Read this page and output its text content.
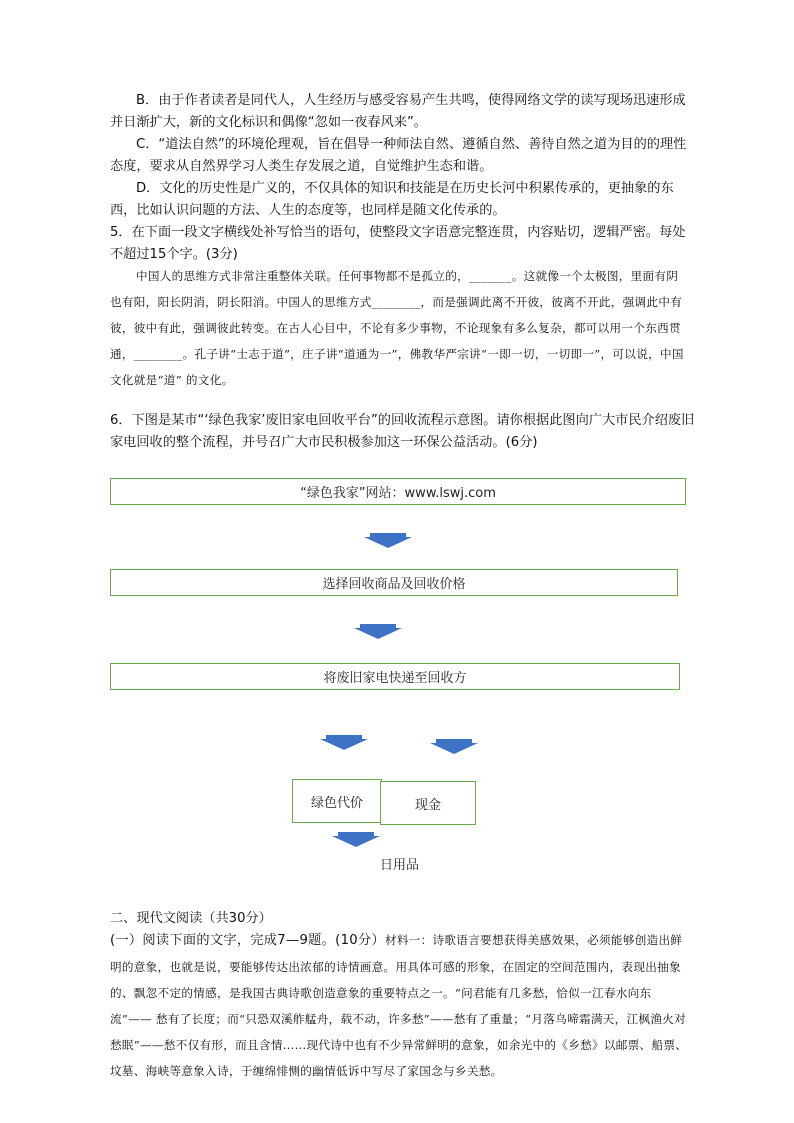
B．由于作者读者是同代人，人生经历与感受容易产生共鸣，使得网络文学的读写现场迅速形成并日渐扩大，新的文化标识和偶像“忽如一夜春风来”。

C．“道法自然”的环境伦理观，旨在倡导一种师法自然、遵循自然、善待自然之道为目的的理性态度，要求从自然界学习人类生存发展之道，自觉维护生态和谐。

D．文化的历史性是广义的，不仅具体的知识和技能是在历史长河中积累传承的，更抽象的东西，比如认识问题的方法、人生的态度等，也同样是随文化传承的。

5．在下面一段文字横线处补写恰当的语句，使整段文字语意完整连贯，内容贴切，逻辑严密。每处不超过15个字。(3分)

中国人的思维方式非常注重整体关联。任何事物都不是孤立的，_______。这就像一个太极图，里面有阴也有阳，阳长阴消，阴长阳消。中国人的思维方式________，而是强调此离不开彼，彼离不开此，强调此中有彼，彼中有此，强调彼此转变。在古人心目中，不论有多少事物，不论现象有多么复杂，都可以用一个东西贯通，________。孔子讲“士志于道”，庄子讲“道通为一”，佛教华严宗讲“一即一切，一切即一”，可以说，中国文化就是“道” 的文化。

6．下图是某市“‘绿色我家’废旧家电回收平台”的回收流程示意图。请你根据此图向广大市民介绍废旧家电回收的整个流程，并号召广大市民积极参加这一环保公益活动。(6分)

“绿色我家”网站：www.lswj.com
选择回收商品及回收价格
将废旧家电快递至回收方
绿色代价	现金
日用品

二、现代文阅读（共30分）

(一）阅读下面的文字，完成7—9题。(10分）材料一：诗歌语言要想获得美感效果，必须能够创造出鲜明的意象，也就是说，要能够传达出浓郁的诗情画意。用具体可感的形象，在固定的空间范围内，表现出抽象的、飘忽不定的情感，是我国古典诗歌创造意象的重要特点之一。“问君能有几多愁，恰似一江春水向东流”—— 愁有了长度；而“只恐双溪舴艋舟，载不动，许多愁”——愁有了重量；“月落乌啼霜满天，江枫渔火对愁眠”——愁不仅有形，而且含情……现代诗中也有不少异常鲜明的意象，如余光中的《乡愁》以邮票、船票、坟墓、海峡等意象入诗，于缠绵悱恻的幽情低诉中写尽了家国念与乡关愁。
